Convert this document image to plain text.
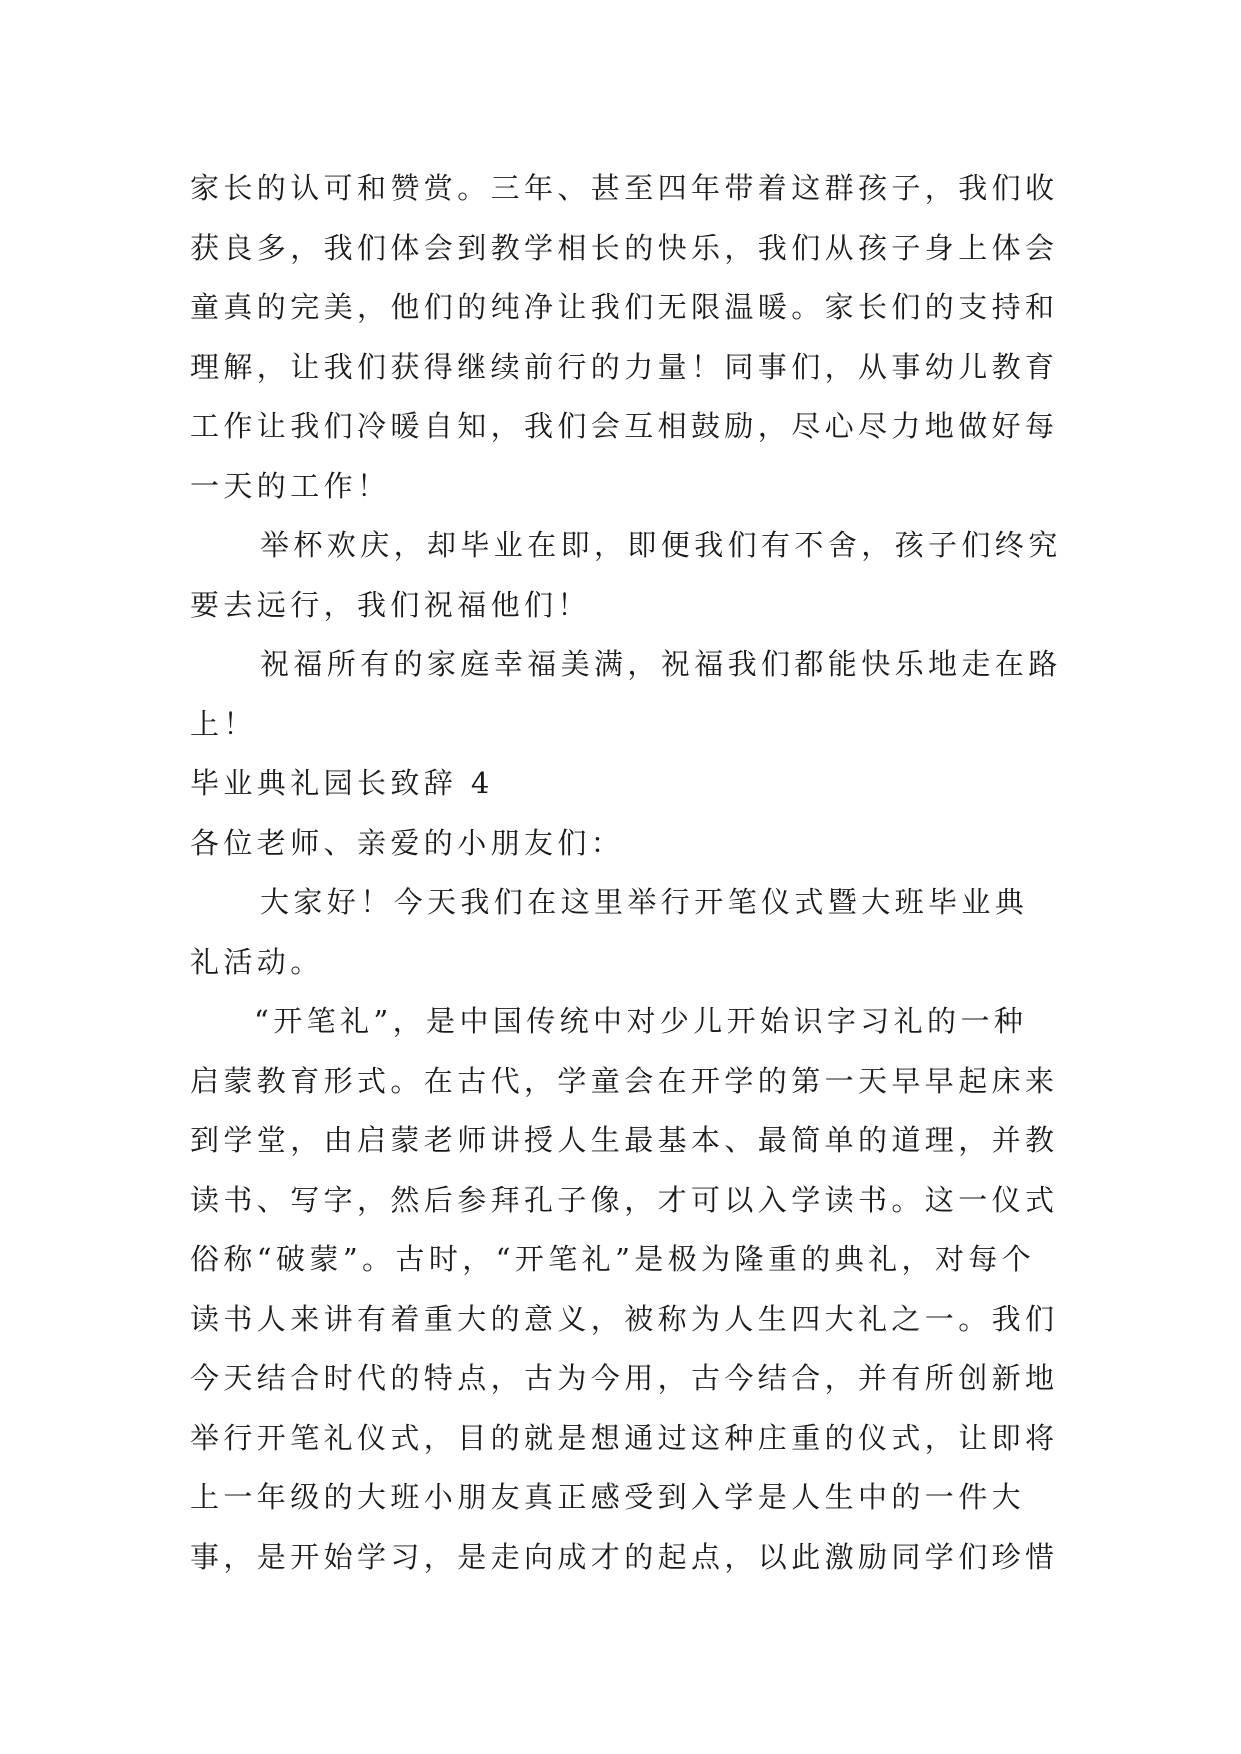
家长的认可和赞赏。三年、甚至四年带着这群孩子，我们收

获良多，我们体会到教学相长的快乐，我们从孩子身上体会

童真的完美，他们的纯净让我们无限温暖。家长们的支持和

理解，让我们获得继续前行的力量！同事们，从事幼儿教育

工作让我们冷暖自知，我们会互相鼓励，尽心尽力地做好每

一天的工作！

举杯欢庆，却毕业在即，即便我们有不舍，孩子们终究

要去远行，我们祝福他们！

祝福所有的家庭幸福美满，祝福我们都能快乐地走在路

上！

毕业典礼园长致辞 4

各位老师、亲爱的小朋友们：

大家好！今天我们在这里举行开笔仪式暨大班毕业典

礼活动。

“开笔礼”，是中国传统中对少儿开始识字习礼的一种

启蒙教育形式。在古代，学童会在开学的第一天早早起床来

到学堂，由启蒙老师讲授人生最基本、最简单的道理，并教

读书、写字，然后参拜孔子像，才可以入学读书。这一仪式

俗称“破蒙”。古时，“开笔礼”是极为隆重的典礼，对每个

读书人来讲有着重大的意义，被称为人生四大礼之一。我们

今天结合时代的特点，古为今用，古今结合，并有所创新地

举行开笔礼仪式，目的就是想通过这种庄重的仪式，让即将

上一年级的大班小朋友真正感受到入学是人生中的一件大

事，是开始学习，是走向成才的起点，以此激励同学们珍惜
